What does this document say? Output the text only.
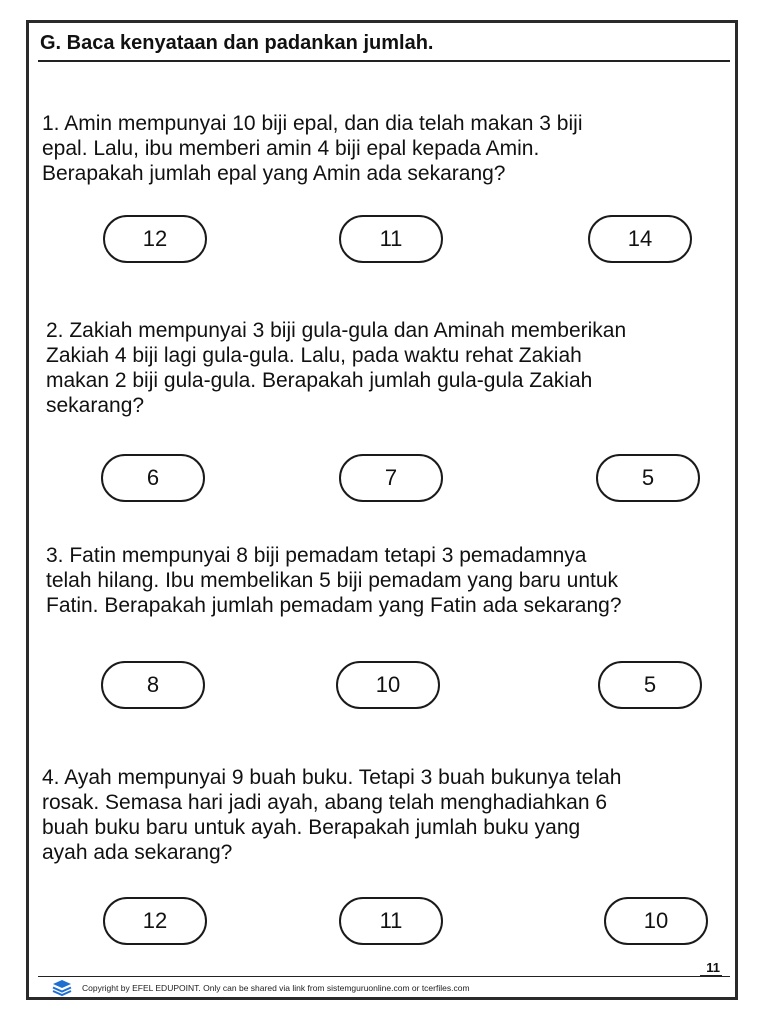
G. Baca kenyataan dan padankan jumlah.
1. Amin mempunyai 10 biji epal, dan dia telah makan 3 biji
epal. Lalu, ibu memberi amin 4 biji epal kepada Amin.
Berapakah jumlah epal yang Amin ada sekarang?
12	11	14
2. Zakiah mempunyai 3 biji gula-gula dan Aminah memberikan
Zakiah 4 biji lagi gula-gula. Lalu, pada waktu rehat Zakiah
makan 2 biji gula-gula. Berapakah jumlah gula-gula Zakiah
sekarang?
6	7	5
3. Fatin mempunyai 8 biji pemadam tetapi 3 pemadamnya
telah hilang. Ibu membelikan 5 biji pemadam yang baru untuk
Fatin. Berapakah jumlah pemadam yang Fatin ada sekarang?
8	10	5
4. Ayah mempunyai 9 buah buku. Tetapi 3 buah bukunya telah
rosak. Semasa hari jadi ayah, abang telah menghadiahkan 6
buah buku baru untuk ayah. Berapakah jumlah buku yang
ayah ada sekarang?
12	11	10
11
Copyright by EFEL EDUPOINT. Only can be shared via link from sistemguruonline.com or tcerfiles.com
